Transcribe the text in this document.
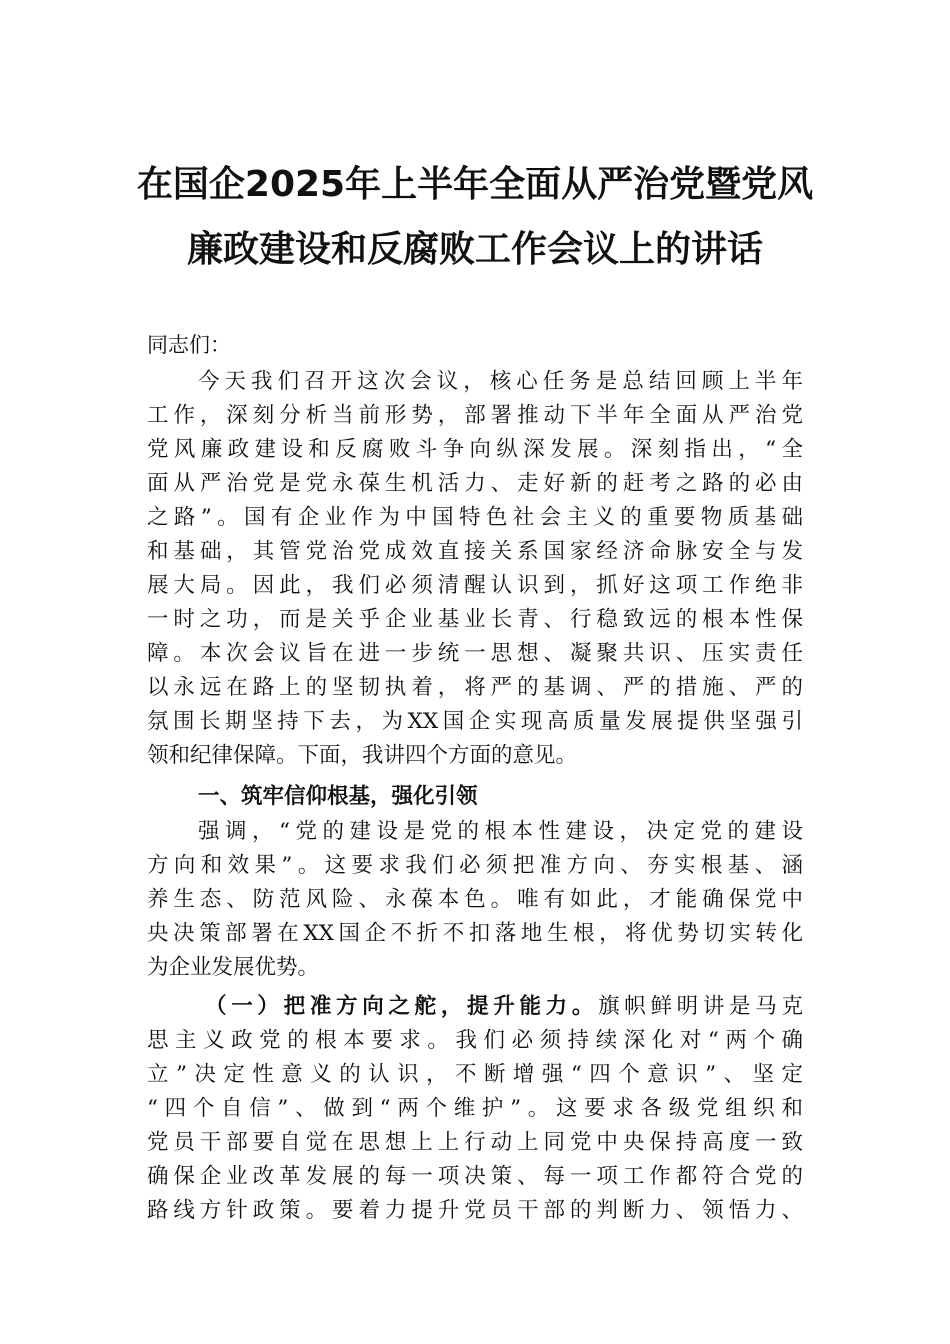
在国企2025年上半年全面从严治党暨党风
廉政建设和反腐败工作会议上的讲话
同志们：
今天我们召开这次会议，核心任务是总结回顾上半年
工作，深刻分析当前形势，部署推动下半年全面从严治党
党风廉政建设和反腐败斗争向纵深发展。深刻指出，“全
面从严治党是党永葆生机活力、走好新的赶考之路的必由
之路”。国有企业作为中国特色社会主义的重要物质基础
和基础，其管党治党成效直接关系国家经济命脉安全与发
展大局。因此，我们必须清醒认识到，抓好这项工作绝非
一时之功，而是关乎企业基业长青、行稳致远的根本性保
障。本次会议旨在进一步统一思想、凝聚共识、压实责任
以永远在路上的坚韧执着，将严的基调、严的措施、严的
氛围长期坚持下去，为XX国企实现高质量发展提供坚强引
领和纪律保障。下面，我讲四个方面的意见。
一、筑牢信仰根基，强化引领
强调，“党的建设是党的根本性建设，决定党的建设
方向和效果”。这要求我们必须把准方向、夯实根基、涵
养生态、防范风险、永葆本色。唯有如此，才能确保党中
央决策部署在XX国企不折不扣落地生根，将优势切实转化
为企业发展优势。
（一）把准方向之舵，提升能力。旗帜鲜明讲是马克
思主义政党的根本要求。我们必须持续深化对“两个确
立”决定性意义的认识，不断增强“四个意识”、坚定
“四个自信”、做到“两个维护”。这要求各级党组织和
党员干部要自觉在思想上上行动上同党中央保持高度一致
确保企业改革发展的每一项决策、每一项工作都符合党的
路线方针政策。要着力提升党员干部的判断力、领悟力、
